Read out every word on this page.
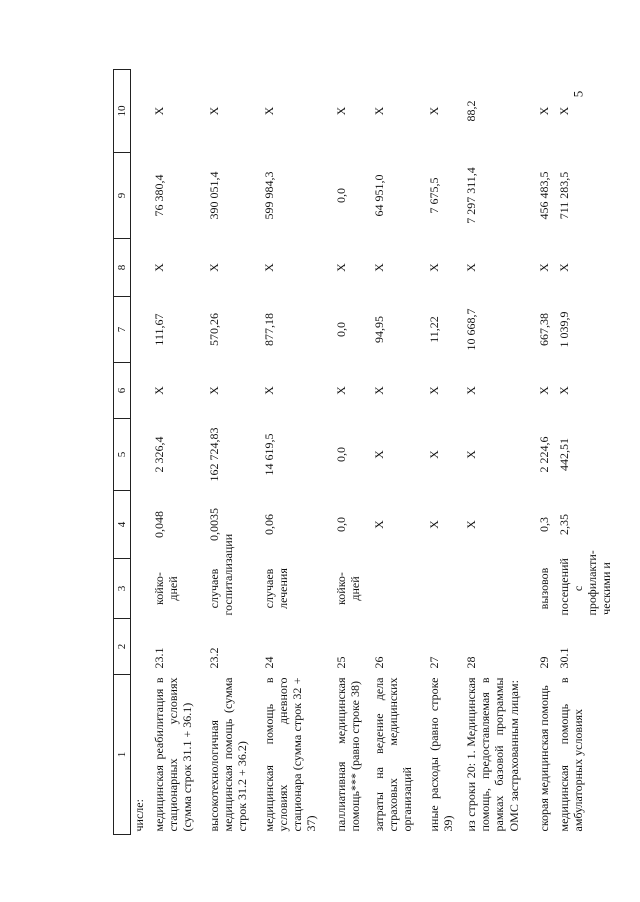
5
1	2	3	4	5	6	7	8	9	10
числе:									
медицинская реабилитация в стационарных условиях (сумма строк 31.1 + 36.1)	23.1	койко-дней	0,048	2 326,4	Х	111,67	Х	76 380,4	Х
высокотехнологичная медицинская помощь (сумма строк 31.2 + 36.2)	23.2	случаев госпитализации	0,0035	162 724,83	Х	570,26	Х	390 051,4	Х
медицинская помощь в условиях дневного стационара (сумма строк 32 + 37)	24	случаев лечения	0,06	14 619,5	Х	877,18	Х	599 984,3	Х
паллиативная медицинская помощь*** (равно строке 38)	25	койко-дней	0,0	0,0	Х	0,0	Х	0,0	Х
затраты на ведение дела страховых медицинских организаций	26		Х	Х	Х	94,95	Х	64 951,0	Х
иные расходы (равно строке 39)	27		Х	Х	Х	11,22	Х	7 675,5	Х
из строки 20: 1. Медицинская помощь, предоставляемая в рамках базовой программы ОМС застрахованным лицам:	28		Х	Х	Х	10 668,7	Х	7 297 311,4	88,2
скорая медицинская помощь	29	вызовов	0,3	2 224,6	Х	667,38	Х	456 483,5	Х
медицинская помощь в амбулаторных условиях	30.1	посещений с профилакти-ческими и	2,35	442,51	Х	1 039,9	Х	711 283,5	Х
